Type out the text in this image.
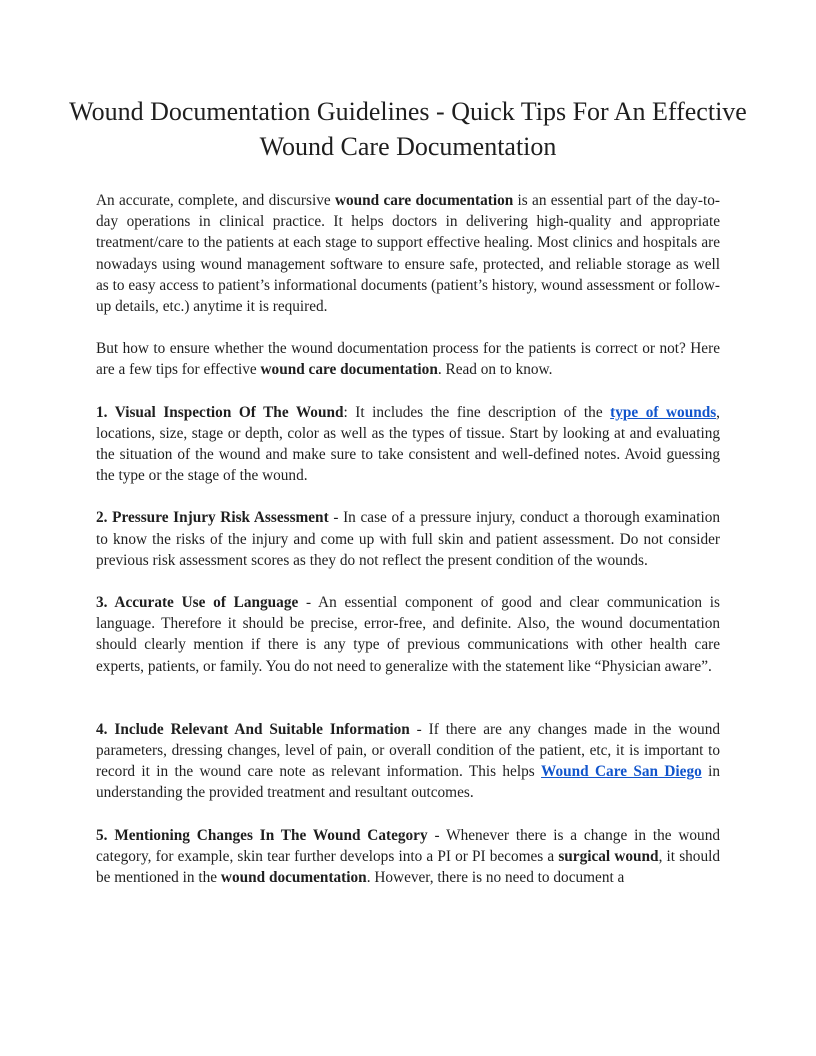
Wound Documentation Guidelines - Quick Tips For An Effective Wound Care Documentation

An accurate, complete, and discursive wound care documentation is an essential part of the day-to-day operations in clinical practice. It helps doctors in delivering high-quality and appropriate treatment/care to the patients at each stage to support effective healing. Most clinics and hospitals are nowadays using wound management software to ensure safe, protected, and reliable storage as well as to easy access to patient’s informational documents (patient’s history, wound assessment or follow-up details, etc.) anytime it is required.

But how to ensure whether the wound documentation process for the patients is correct or not? Here are a few tips for effective wound care documentation. Read on to know.

1. Visual Inspection Of The Wound: It includes the fine description of the type of wounds, locations, size, stage or depth, color as well as the types of tissue. Start by looking at and evaluating the situation of the wound and make sure to take consistent and well-defined notes. Avoid guessing the type or the stage of the wound.

2. Pressure Injury Risk Assessment - In case of a pressure injury, conduct a thorough examination to know the risks of the injury and come up with full skin and patient assessment. Do not consider previous risk assessment scores as they do not reflect the present condition of the wounds.

3. Accurate Use of Language - An essential component of good and clear communication is language. Therefore it should be precise, error-free, and definite. Also, the wound documentation should clearly mention if there is any type of previous communications with other health care experts, patients, or family. You do not need to generalize with the statement like “Physician aware”.

4. Include Relevant And Suitable Information - If there are any changes made in the wound parameters, dressing changes, level of pain, or overall condition of the patient, etc, it is important to record it in the wound care note as relevant information. This helps Wound Care San Diego in understanding the provided treatment and resultant outcomes.

5. Mentioning Changes In The Wound Category - Whenever there is a change in the wound category, for example, skin tear further develops into a PI or PI becomes a surgical wound, it should be mentioned in the wound documentation. However, there is no need to document a
